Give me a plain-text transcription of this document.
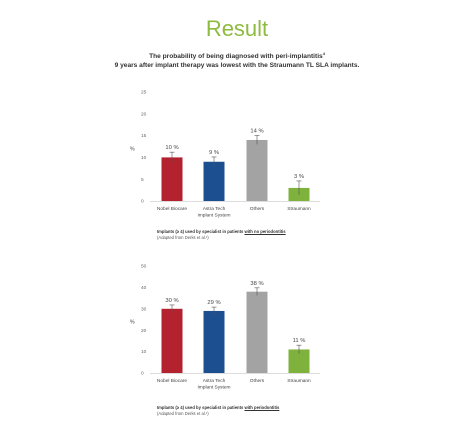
Result
The probability of being diagnosed with peri-implantitis$^4$
9 years after implant therapy was lowest with the Straumann TL SLA implants.
0
5
10
15
20
25
%	10 %
Nobel Biocare
9 %
Astra Tech
Implant System
14 %
Others
3 %
Straumann
0
10
20
30
40
50
%
30 %
Nobel Biocare
29 %
Astra Tech
Implant System
38 %
Others
11 %
Straumann
Implants (≥ 4) used by specialist in patients with no periodontitis
(Adapted from Derks et al.¹)
Implants (≥ 4) used by specialist in patients with periodontitis
(Adapted from Derks et al.¹)
